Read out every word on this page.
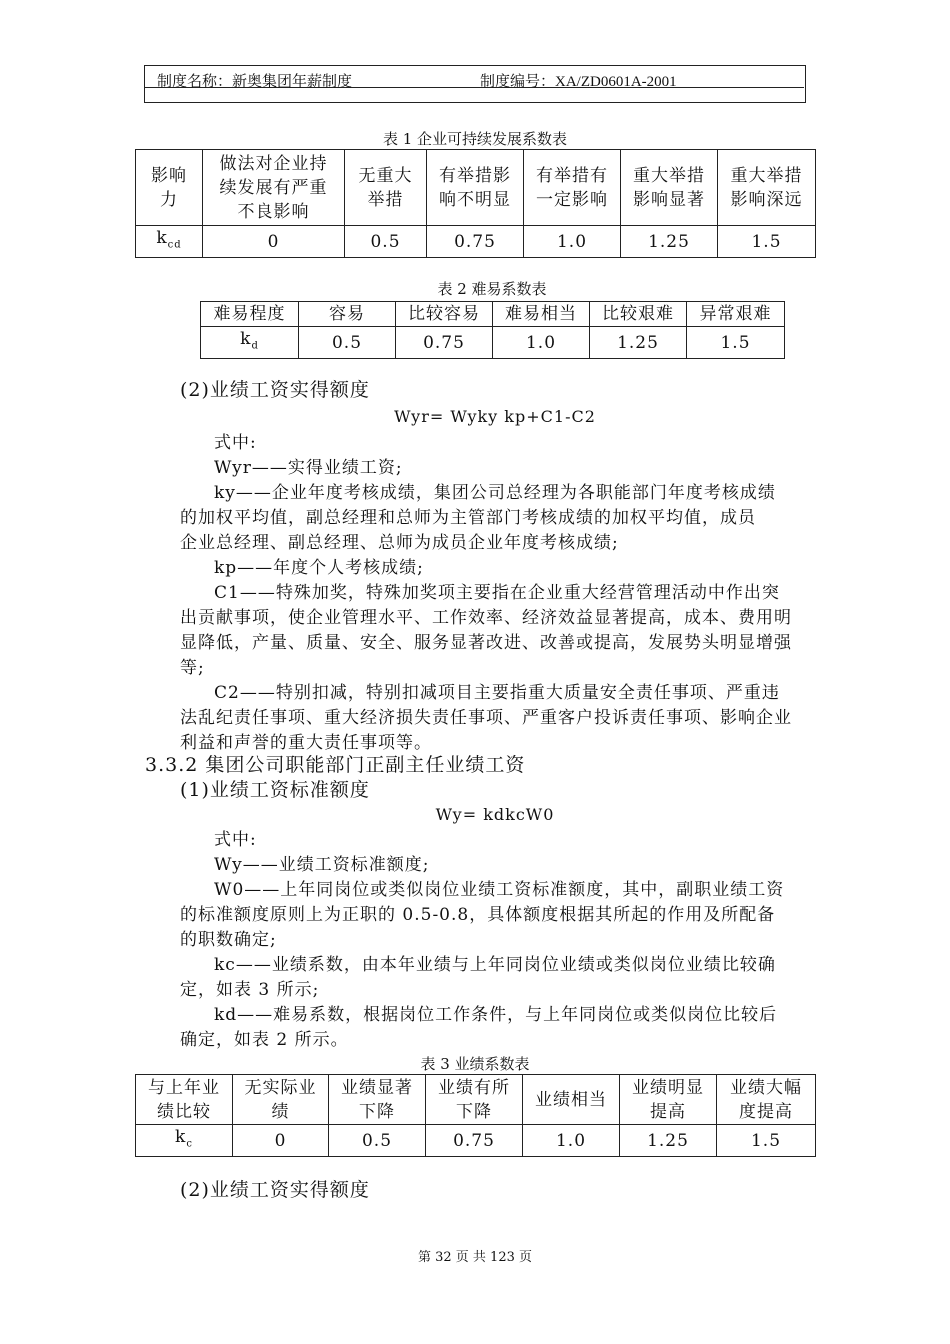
制度名称：新奥集团年薪制度	制度编号：XA/ZD0601A-2001
表 1 企业可持续发展系数表
影响力	做法对企业持续发展有严重不良影响	无重大举措	有举措影响不明显	有举措有一定影响	重大举措影响显著	重大举措影响深远
$k_{cd}$	0	0.5	0.75	1.0	1.25	1.5
表 2 难易系数表
难易程度	容易	比较容易	难易相当	比较艰难	异常艰难
$k_d$	0.5	0.75	1.0	1.25	1.5
(2)业绩工资实得额度
Wyr= Wyky kp+C1-C2
式中:
Wyr——实得业绩工资;
ky——企业年度考核成绩，集团公司总经理为各职能部门年度考核成绩
的加权平均值，副总经理和总师为主管部门考核成绩的加权平均值，成员
企业总经理、副总经理、总师为成员企业年度考核成绩;
kp——年度个人考核成绩;
C1——特殊加奖，特殊加奖项主要指在企业重大经营管理活动中作出突
出贡献事项，使企业管理水平、工作效率、经济效益显著提高，成本、费用明
显降低，产量、质量、安全、服务显著改进、改善或提高，发展势头明显增强
等;
C2——特别扣减，特别扣减项目主要指重大质量安全责任事项、严重违
法乱纪责任事项、重大经济损失责任事项、严重客户投诉责任事项、影响企业
利益和声誉的重大责任事项等。
3.3.2 集团公司职能部门正副主任业绩工资
(1)业绩工资标准额度
Wy= kdkcW0
式中:
Wy——业绩工资标准额度;
W0——上年同岗位或类似岗位业绩工资标准额度，其中，副职业绩工资
的标准额度原则上为正职的 0.5-0.8，具体额度根据其所起的作用及所配备
的职数确定;
kc——业绩系数，由本年业绩与上年同岗位业绩或类似岗位业绩比较确
定，如表 3 所示;
kd——难易系数，根据岗位工作条件，与上年同岗位或类似岗位比较后
确定，如表 2 所示。
表 3 业绩系数表
与上年业绩比较	无实际业绩	业绩显著下降	业绩有所下降	业绩相当	业绩明显提高	业绩大幅度提高
$k_c$	0	0.5	0.75	1.0	1.25	1.5
(2)业绩工资实得额度
第 32 页 共 123 页
